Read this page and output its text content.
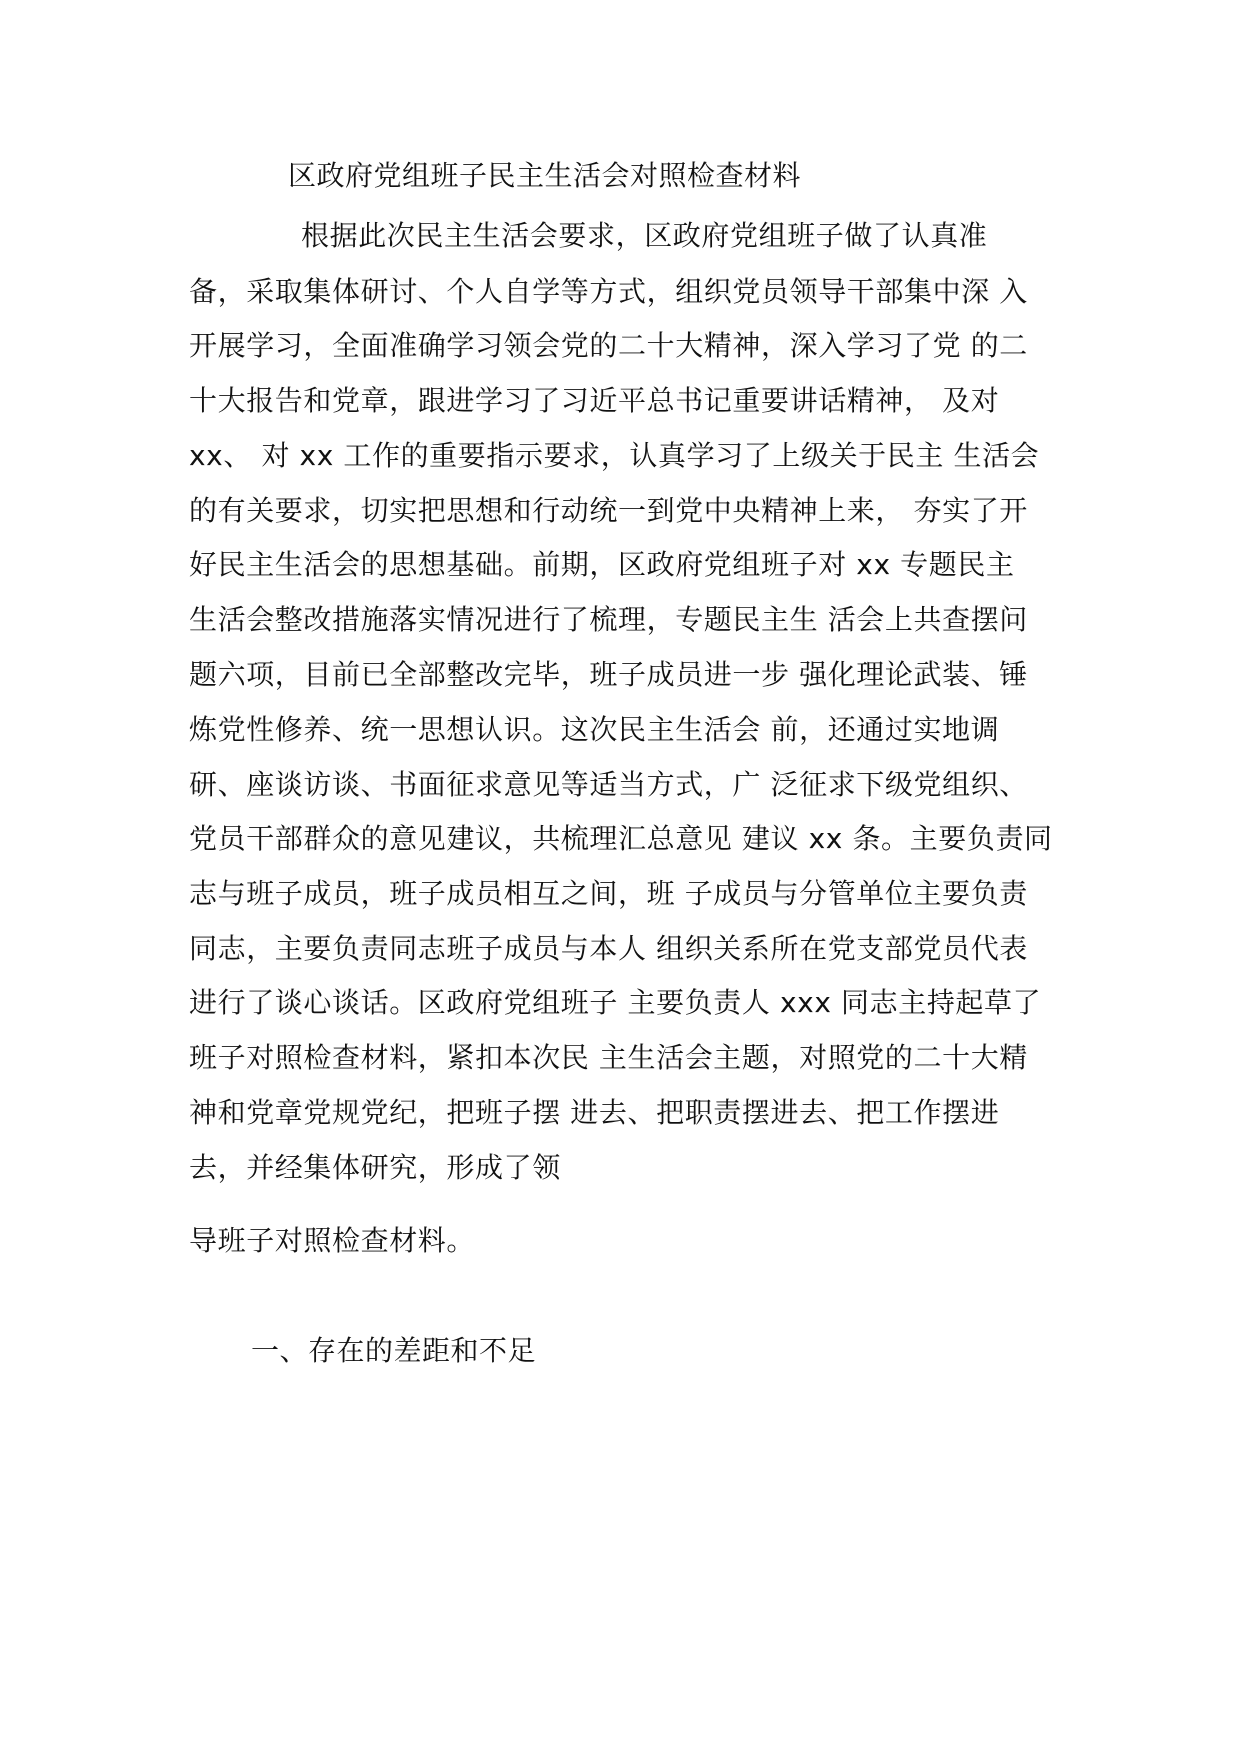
区政府党组班子民主生活会对照检查材料
根据此次民主生活会要求，区政府党组班子做了认真准
备，采取集体研讨、个人自学等方式，组织党员领导干部集中深 入
开展学习，全面准确学习领会党的二十大精神，深入学习了党 的二
十大报告和党章，跟进学习了习近平总书记重要讲话精神， 及对
xx、 对 xx 工作的重要指示要求，认真学习了上级关于民主 生活会
的有关要求，切实把思想和行动统一到党中央精神上来， 夯实了开
好民主生活会的思想基础。前期，区政府党组班子对 xx 专题民主
生活会整改措施落实情况进行了梳理，专题民主生 活会上共查摆问
题六项，目前已全部整改完毕，班子成员进一步 强化理论武装、锤
炼党性修养、统一思想认识。这次民主生活会 前，还通过实地调
研、座谈访谈、书面征求意见等适当方式，广 泛征求下级党组织、
党员干部群众的意见建议，共梳理汇总意见 建议 xx 条。主要负责同
志与班子成员，班子成员相互之间，班 子成员与分管单位主要负责
同志，主要负责同志班子成员与本人 组织关系所在党支部党员代表
进行了谈心谈话。区政府党组班子 主要负责人 xxx 同志主持起草了
班子对照检查材料，紧扣本次民 主生活会主题，对照党的二十大精
神和党章党规党纪，把班子摆 进去、把职责摆进去、把工作摆进
去，并经集体研究，形成了领
导班子对照检查材料。
一、存在的差距和不足
